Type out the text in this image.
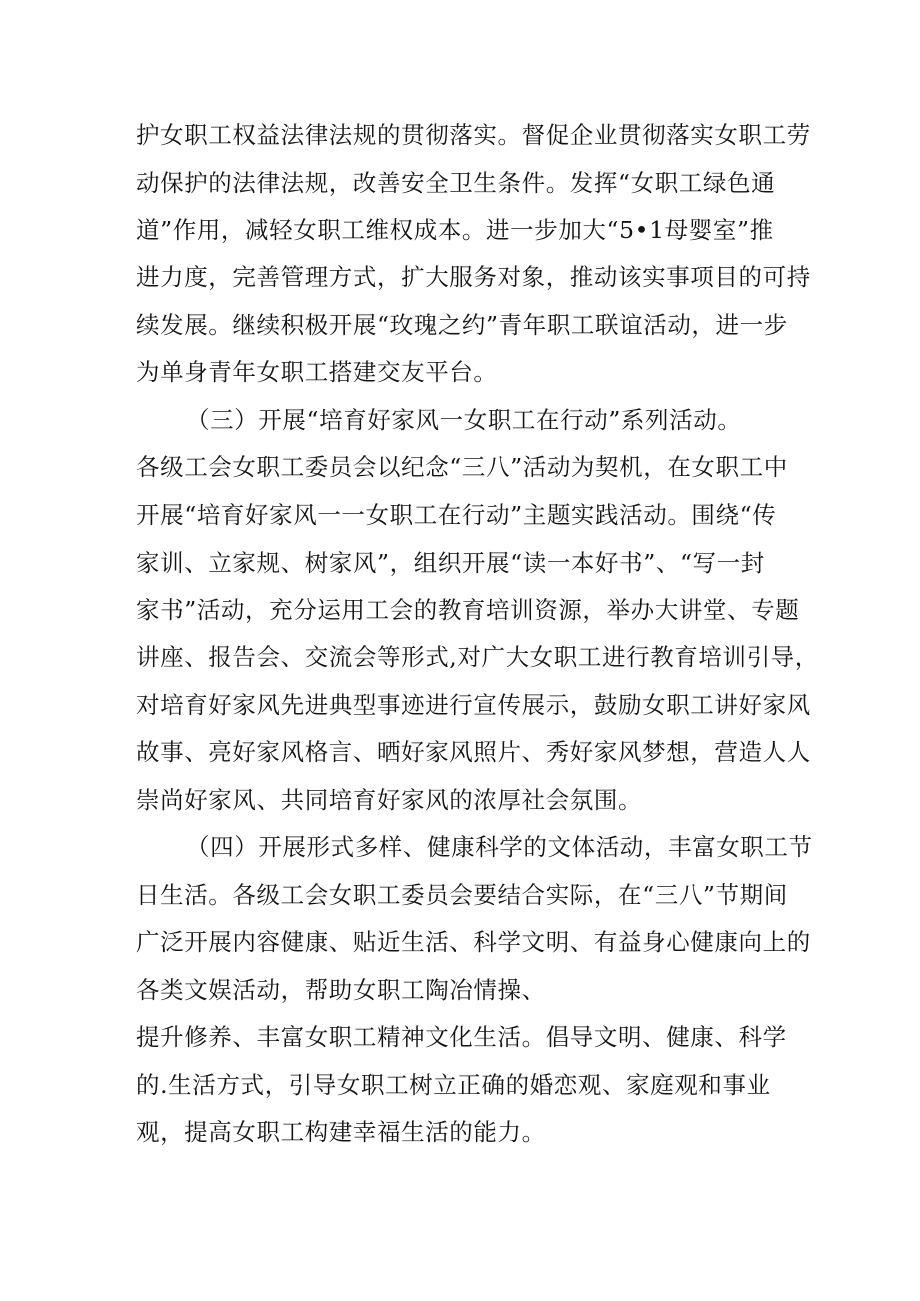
护女职工权益法律法规的贯彻落实。督促企业贯彻落实女职工劳
动保护的法律法规，改善安全卫生条件。发挥“女职工绿色通
道”作用，减轻女职工维权成本。进一步加大“5•1母婴室”推
进力度，完善管理方式，扩大服务对象，推动该实事项目的可持
续发展。继续积极开展“玫瑰之约”青年职工联谊活动，进一步
为单身青年女职工搭建交友平台。
（三）开展“培育好家风一女职工在行动”系列活动。
各级工会女职工委员会以纪念“三八”活动为契机，在女职工中
开展“培育好家风一一女职工在行动”主题实践活动。围绕“传
家训、立家规、树家风”，组织开展“读一本好书”、“写一封
家书”活动，充分运用工会的教育培训资源，举办大讲堂、专题
讲座、报告会、交流会等形式,对广大女职工进行教育培训引导，
对培育好家风先进典型事迹进行宣传展示，鼓励女职工讲好家风
故事、亮好家风格言、晒好家风照片、秀好家风梦想，营造人人
崇尚好家风、共同培育好家风的浓厚社会氛围。
（四）开展形式多样、健康科学的文体活动，丰富女职工节
日生活。各级工会女职工委员会要结合实际，在“三八”节期间
广泛开展内容健康、贴近生活、科学文明、有益身心健康向上的
各类文娱活动，帮助女职工陶冶情操、
提升修养、丰富女职工精神文化生活。倡导文明、健康、科学
的.生活方式，引导女职工树立正确的婚恋观、家庭观和事业
观，提高女职工构建幸福生活的能力。
